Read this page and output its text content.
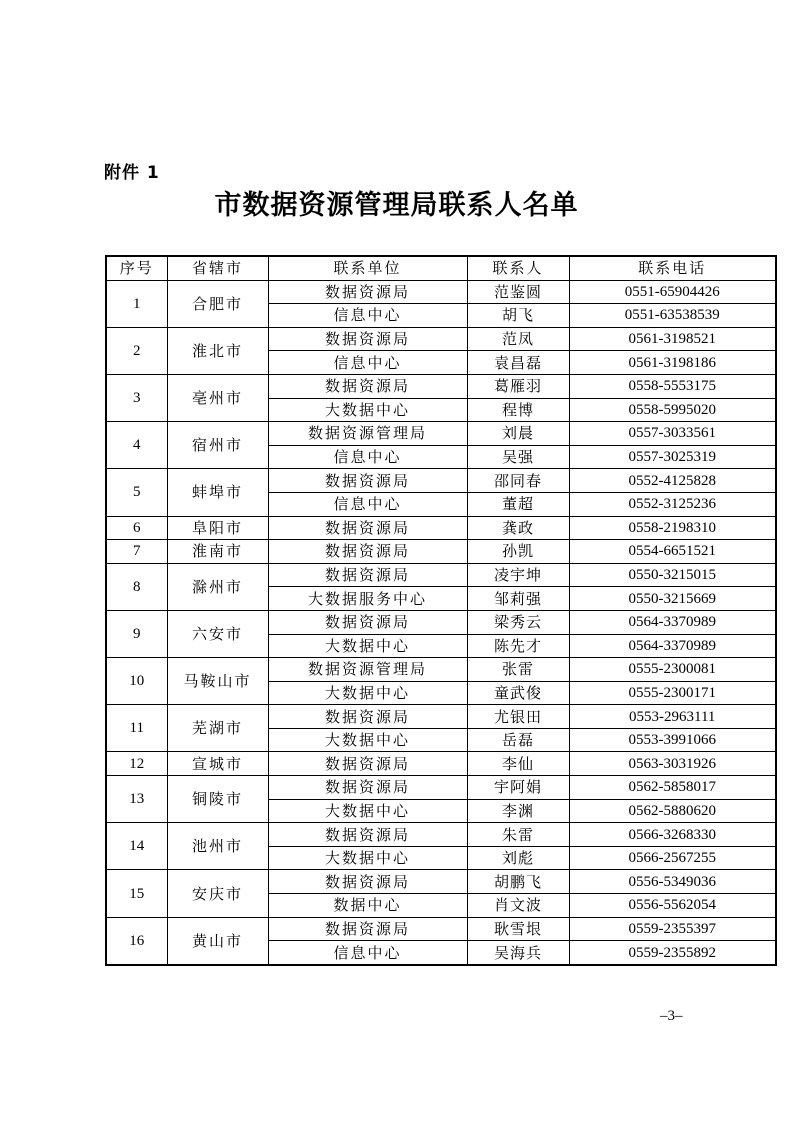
附件 1
市数据资源管理局联系人名单
序号	省辖市	联系单位	联系人	联系电话
1	合肥市	数据资源局	范鉴圆	0551-65904426
		信息中心	胡飞	0551-63538539
2	淮北市	数据资源局	范凤	0561-3198521
		信息中心	袁昌磊	0561-3198186
3	亳州市	数据资源局	葛雁羽	0558-5553175
		大数据中心	程博	0558-5995020
4	宿州市	数据资源管理局	刘晨	0557-3033561
		信息中心	吴强	0557-3025319
5	蚌埠市	数据资源局	邵同春	0552-4125828
		信息中心	董超	0552-3125236
6	阜阳市	数据资源局	龚政	0558-2198310
7	淮南市	数据资源局	孙凯	0554-6651521
8	滁州市	数据资源局	凌宇坤	0550-3215015
		大数据服务中心	邹莉强	0550-3215669
9	六安市	数据资源局	梁秀云	0564-3370989
		大数据中心	陈先才	0564-3370989
10	马鞍山市	数据资源管理局	张雷	0555-2300081
		大数据中心	童武俊	0555-2300171
11	芜湖市	数据资源局	尤银田	0553-2963111
		大数据中心	岳磊	0553-3991066
12	宣城市	数据资源局	李仙	0563-3031926
13	铜陵市	数据资源局	宇阿娟	0562-5858017
		大数据中心	李渊	0562-5880620
14	池州市	数据资源局	朱雷	0566-3268330
		大数据中心	刘彪	0566-2567255
15	安庆市	数据资源局	胡鹏飞	0556-5349036
		数据中心	肖文波	0556-5562054
16	黄山市	数据资源局	耿雪垠	0559-2355397
		信息中心	吴海兵	0559-2355892
–3–
